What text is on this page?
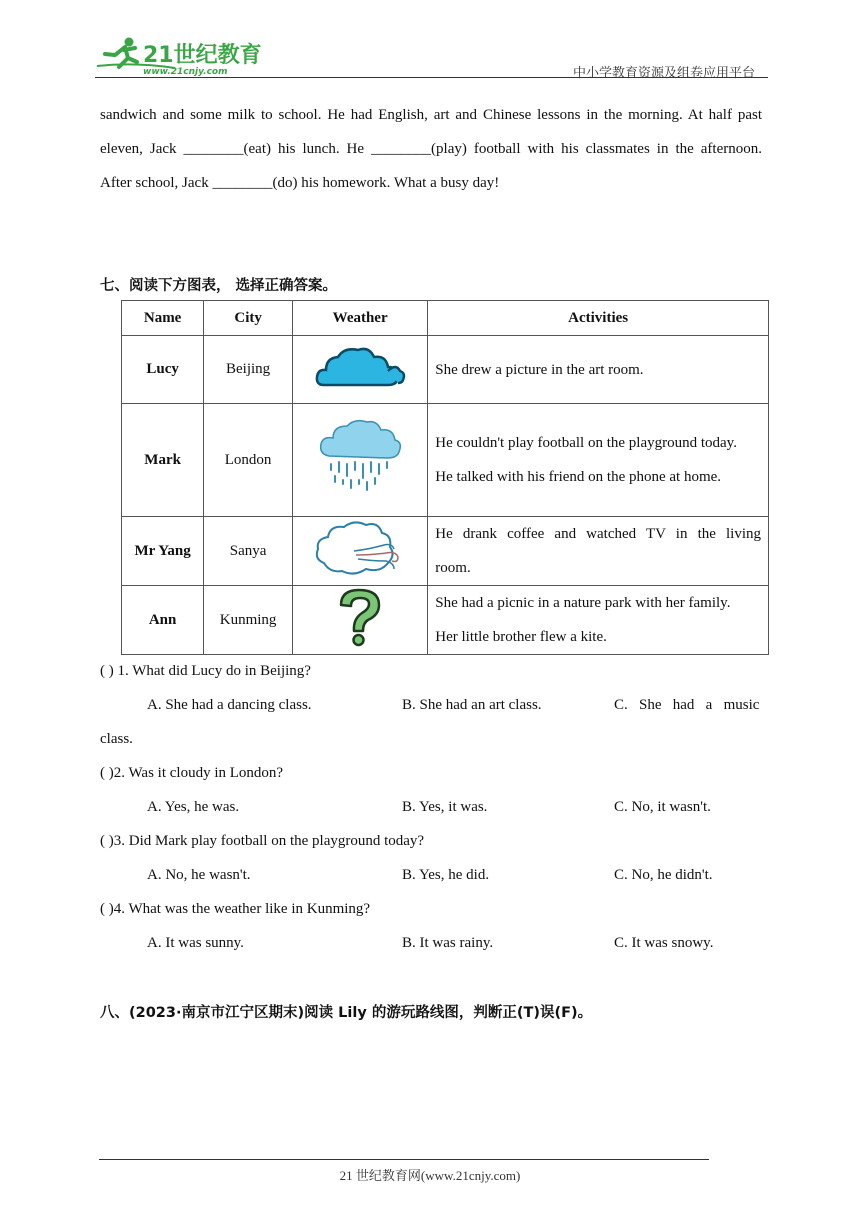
21世纪教育
www.21cnjy.com	中小学教育资源及组卷应用平台

sandwich and some milk to school. He had English, art and Chinese lessons in the morning. At half past

eleven, Jack ________(eat) his lunch. He ________(play) football with his classmates in the afternoon.

After school, Jack ________(do) his homework. What a busy day!

七、阅读下方图表， 选择正确答案。
Name	City	Weather	Activities
Lucy	Beijing		She drew a picture in the art room.

Mark	London		He couldn't play football on the playground today.
He talked with his friend on the phone at home.

Mr Yang	Sanya		He drank coffee and watched TV in the living
room.

Ann	Kunming		She had a picnic in a nature park with her family.
Her little brother flew a kite.
( ) 1. What did Lucy do in Beijing?
A. She had a dancing class.	B. She had an art class.	C.   She   had   a   music
class.
( )2. Was it cloudy in London?
A. Yes, he was.	B. Yes, it was.	C. No, it wasn't.
( )3. Did Mark play football on the playground today?
A. No, he wasn't.	B. Yes, he did.	C. No, he didn't.
( )4. What was the weather like in Kunming?
A. It was sunny.	B. It was rainy.	C. It was snowy.
八、(2023·南京市江宁区期末)阅读 Lily 的游玩路线图，判断正(T)误(F)。
21 世纪教育网(www.21cnjy.com)
